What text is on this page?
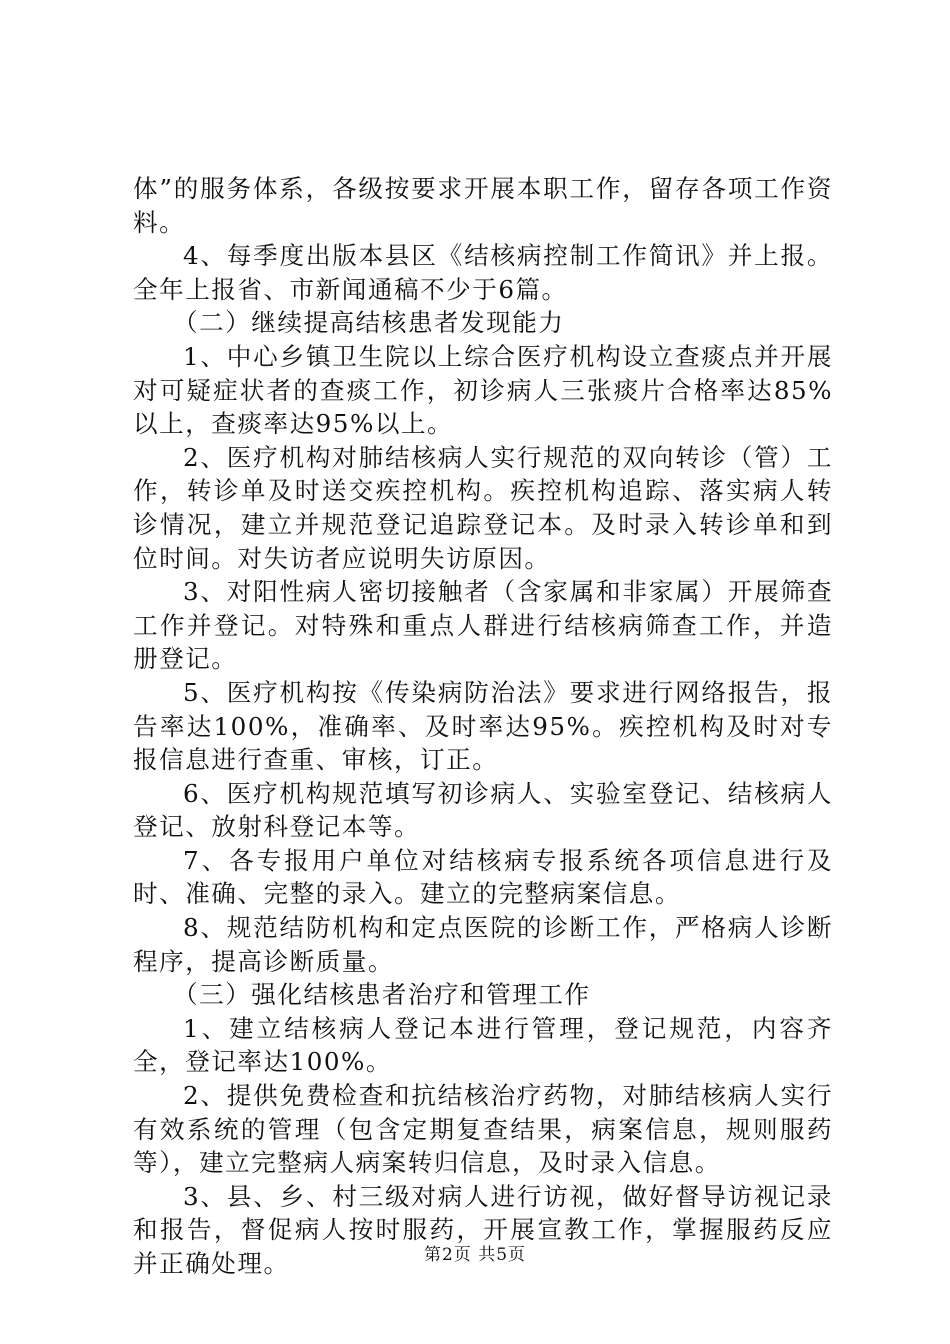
体”的服务体系，各级按要求开展本职工作，留存各项工作资料。

4、每季度出版本县区《结核病控制工作简讯》并上报。全年上报省、市新闻通稿不少于6篇。

（二）继续提高结核患者发现能力

1、中心乡镇卫生院以上综合医疗机构设立查痰点并开展对可疑症状者的查痰工作，初诊病人三张痰片合格率达85%以上，查痰率达95%以上。

2、医疗机构对肺结核病人实行规范的双向转诊（管）工作，转诊单及时送交疾控机构。疾控机构追踪、落实病人转诊情况，建立并规范登记追踪登记本。及时录入转诊单和到位时间。对失访者应说明失访原因。

3、对阳性病人密切接触者（含家属和非家属）开展筛查工作并登记。对特殊和重点人群进行结核病筛查工作，并造册登记。

5、医疗机构按《传染病防治法》要求进行网络报告，报告率达100%，准确率、及时率达95%。疾控机构及时对专报信息进行查重、审核，订正。

6、医疗机构规范填写初诊病人、实验室登记、结核病人登记、放射科登记本等。

7、各专报用户单位对结核病专报系统各项信息进行及时、准确、完整的录入。建立的完整病案信息。

8、规范结防机构和定点医院的诊断工作，严格病人诊断程序，提高诊断质量。

（三）强化结核患者治疗和管理工作

1、建立结核病人登记本进行管理，登记规范，内容齐全，登记率达100%。

2、提供免费检查和抗结核治疗药物，对肺结核病人实行有效系统的管理（包含定期复查结果，病案信息，规则服药等），建立完整病人病案转归信息，及时录入信息。

3、县、乡、村三级对病人进行访视，做好督导访视记录和报告，督促病人按时服药，开展宣教工作，掌握服药反应并正确处理。	第2页 共5页
